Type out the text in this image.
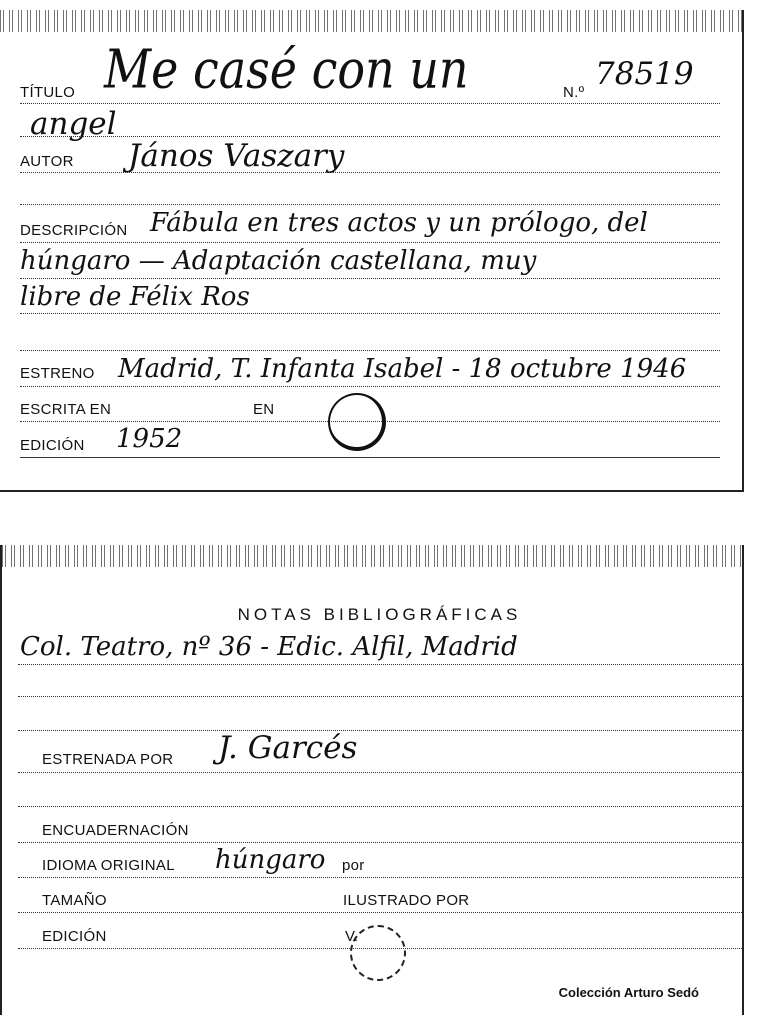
TÍTULO Me casé con un	N.º
78519
angel
AUTOR János Vaszary
DESCRIPCIÓN Fábula en tres actos y un prólogo, del
húngaro — Adaptación castellana, muy
libre de Félix Ros
ESTRENO Madrid, T. Infanta Isabel - 18 octubre 1946
ESCRITA EN	EN
EDICIÓN 1952
NOTAS BIBLIOGRÁFICAS
Col. Teatro, nº 36 - Edic. Alfil, Madrid
ESTRENADA POR J. Garcés
ENCUADERNACIÓN
IDIOMA ORIGINAL húngaro por
TAMAÑO	ILUSTRADO POR
EDICIÓN	V.
Colección Arturo Sedó
